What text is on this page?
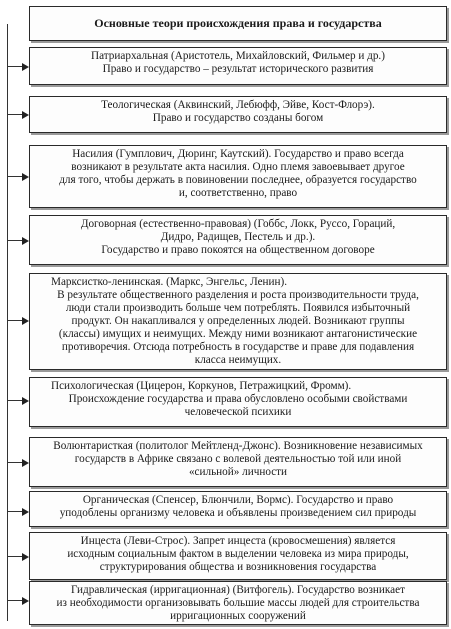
Основные теори происхождения права и государства
Патриархальная (Аристотель, Михайловский, Фильмер и др.)
Право и государство – результат исторического развития
Теологическая (Аквинский, Лебюфф, Эйве, Кост-Флорэ).
Право и государство созданы богом
Насилия (Гумплович, Дюринг, Каутский). Государство и право всегда
возникают в результате акта насилия. Одно племя завоевывает другое
для того, чтобы держать в повиновении последнее, образуется государство
и, соответственно, право
Договорная (естественно-правовая) (Гоббс, Локк, Руссо, Гораций,
Дидро, Радищев, Пестель и др.).
Государство и право покоятся на общественном договоре
Марксистко-ленинская. (Маркс, Энгельс, Ленин).
В результате общественного разделения и роста производительности труда,
люди стали производить больше чем потреблять. Появился избыточный
продукт. Он накапливался у определенных людей. Возникают группы
(классы) имущих и неимущих. Между ними возникают антагонистические
противоречия. Отсюда потребность в государстве и праве для подавления
класса неимущих.
Психологическая (Цицерон, Коркунов, Петражицкий, Фромм).
Происхождение государства и права обусловлено особыми свойствами
человеческой психики
Волюнтаристкая (политолог Мейтленд-Джонс). Возникновение независимых
государств в Африке связано с волевой деятельностью той или иной
«сильной» личности
Органическая (Спенсер, Блюнчили, Вормс). Государство и право
уподоблены организму человека и объявлены произведением сил природы
Инцеста (Леви-Строс). Запрет инцеста (кровосмешения) является
исходным социальным фактом в выделении человека из мира природы,
структурирования общества и возникновения государства
Гидравлическая (ирригационная) (Витфогель). Государство возникает
из необходимости организовывать большие массы людей для строительства
ирригационных сооружений
